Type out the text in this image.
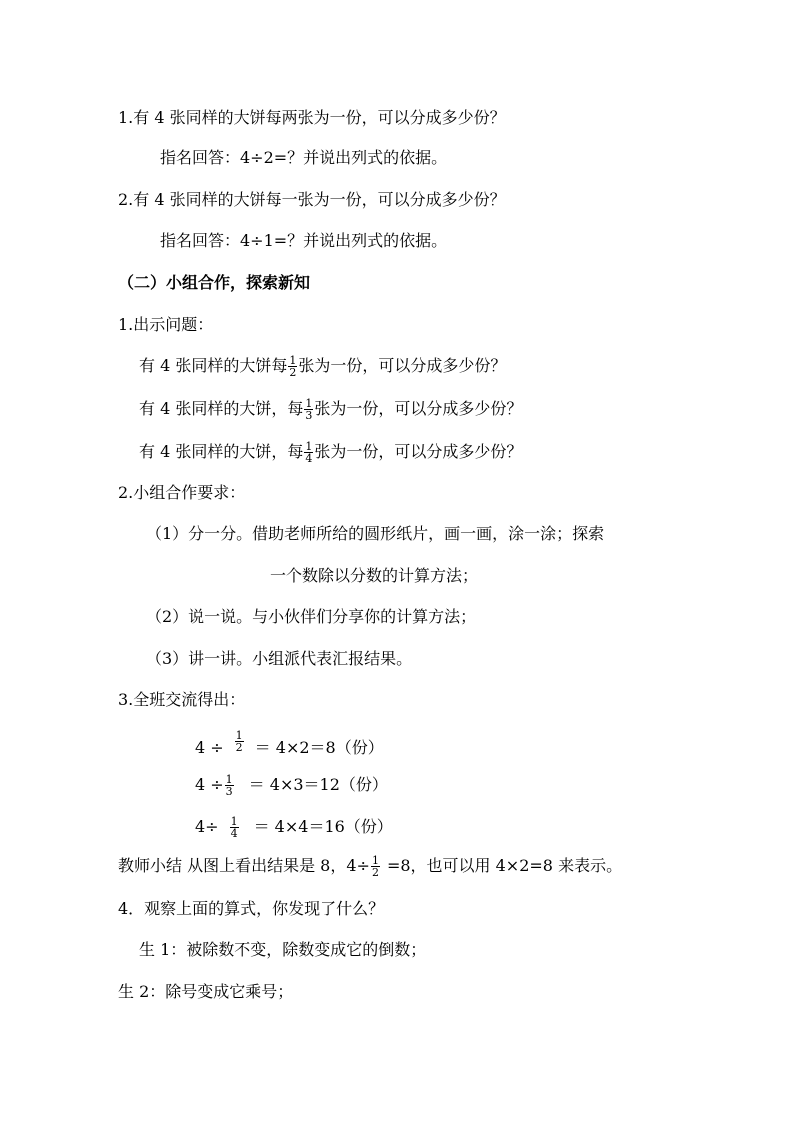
1.有 4 张同样的大饼每两张为一份，可以分成多少份？
指名回答：4÷2=？并说出列式的依据。
2.有 4 张同样的大饼每一张为一份，可以分成多少份？
指名回答：4÷1=？并说出列式的依据。
（二）小组合作，探索新知
1.出示问题：
有 4 张同样的大饼每 $\frac{1}{2}$ 张为一份，可以分成多少份？
有 4 张同样的大饼，每 $\frac{1}{3}$ 张为一份，可以分成多少份？
有 4 张同样的大饼，每 $\frac{1}{4}$ 张为一份，可以分成多少份？
2.小组合作要求：
（1）分一分。借助老师所给的圆形纸片，画一画，涂一涂；探索
一个数除以分数的计算方法；
（2）说一说。与小伙伴们分享你的计算方法；
（3）讲一讲。小组派代表汇报结果。
3.全班交流得出：
$4 \div \frac{1}{2} = 4\times 2=8$（份）
$4 \div \frac{1}{3} = 4\times 3=12$（份）
$4\div \frac{1}{4} = 4\times 4=16$（份）
教师小结 从图上看出结果是 8，$4\div \frac{1}{2} =8$，也可以用 4×2=8 来表示。
4．观察上面的算式，你发现了什么？
生 1：被除数不变，除数变成它的倒数；
生 2：除号变成它乘号；
